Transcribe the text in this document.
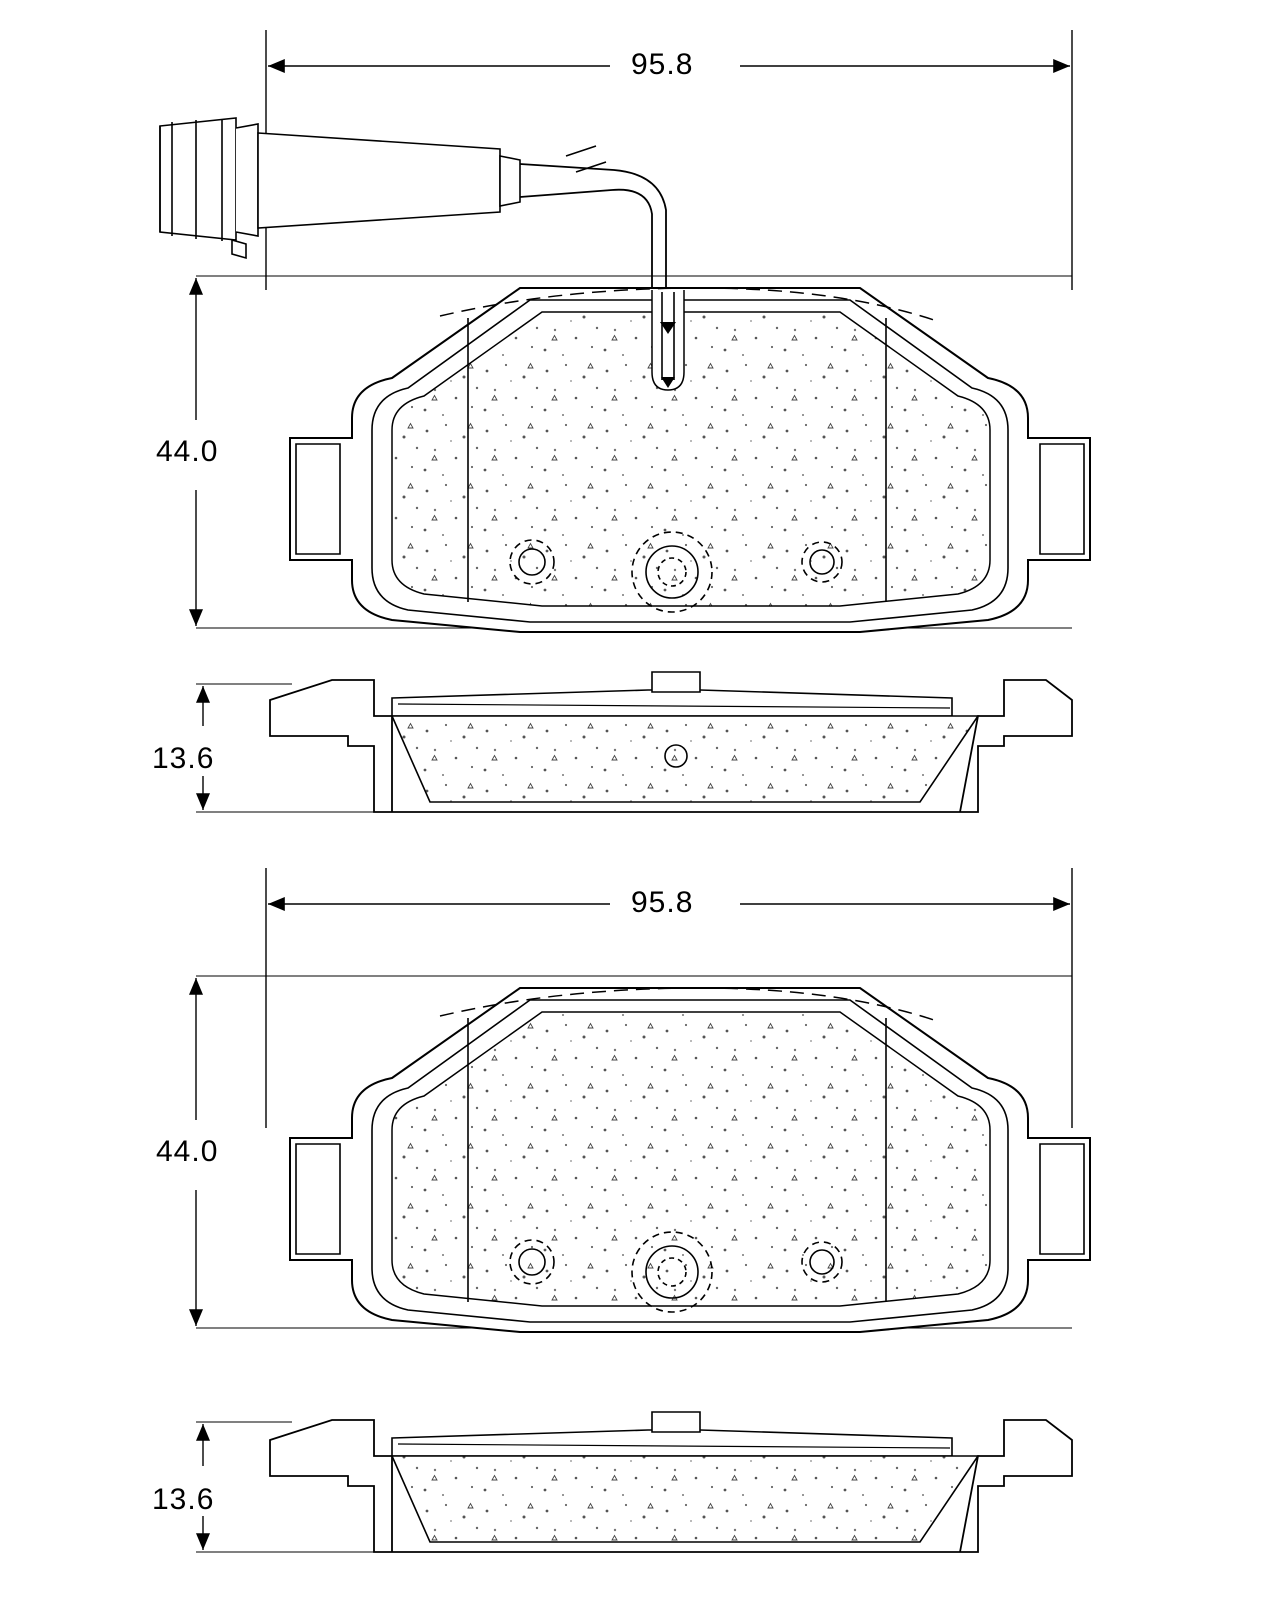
95.8
44.0
13.6
95.8
44.0
13.6
